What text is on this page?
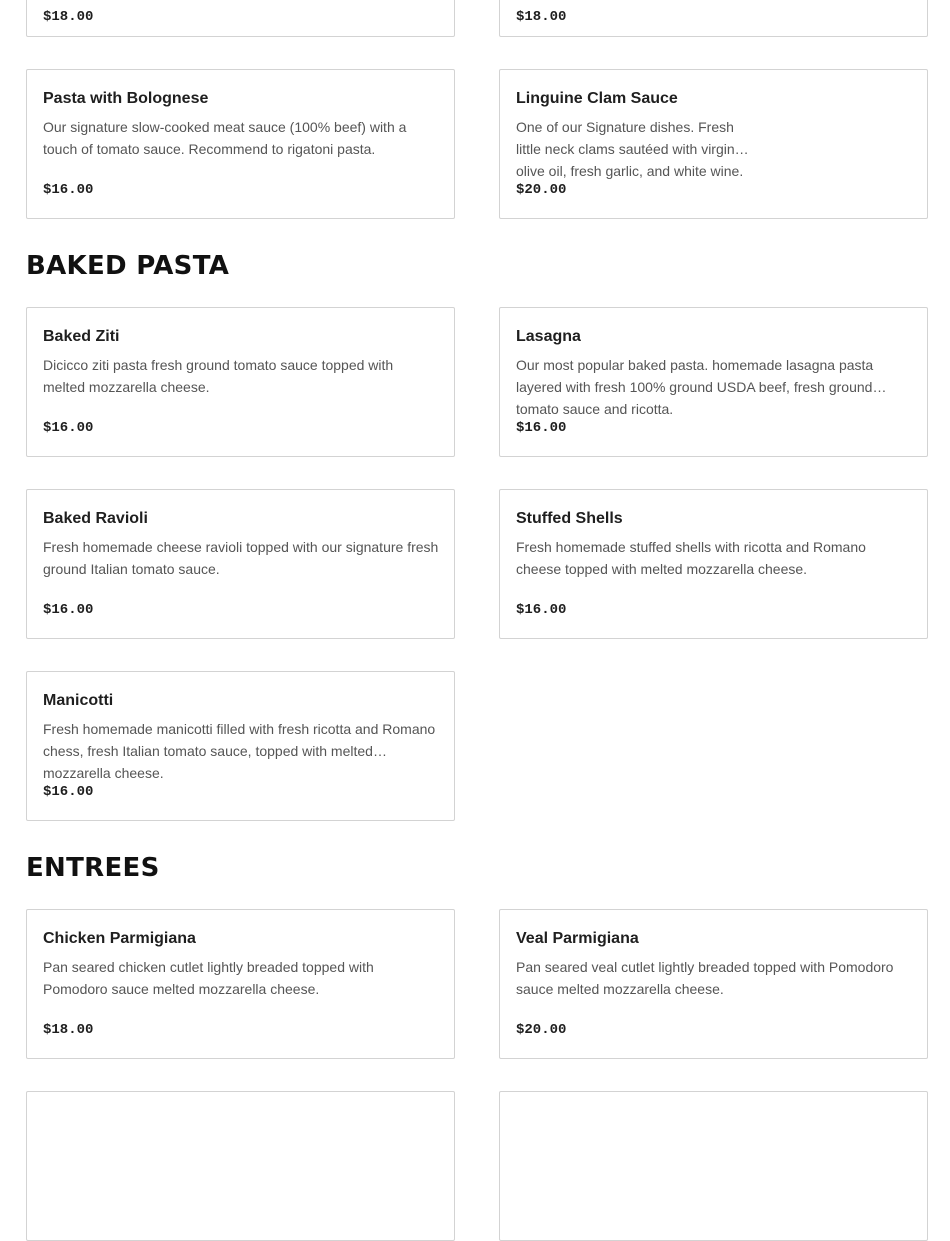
$18.00	$18.00
Pasta with Bolognese
Our signature slow-cooked meat sauce (100% beef) with a touch of tomato sauce. Recommend to rigatoni pasta.
$16.00
Linguine Clam Sauce
One of our Signature dishes. Fresh little neck clams sautéed with virgin olive oil, fresh garlic, and white wine.
$20.00
BAKED PASTA
Baked Ziti
Dicicco ziti pasta fresh ground tomato sauce topped with melted mozzarella cheese.
$16.00
Lasagna
Our most popular baked pasta. homemade lasagna pasta layered with fresh 100% ground USDA beef, fresh ground tomato sauce and ricotta.
$16.00
Baked Ravioli
Fresh homemade cheese ravioli topped with our signature fresh ground Italian tomato sauce.
$16.00
Stuffed Shells
Fresh homemade stuffed shells with ricotta and Romano cheese topped with melted mozzarella cheese.
$16.00
Manicotti
Fresh homemade manicotti filled with fresh ricotta and Romano chess, fresh Italian tomato sauce, topped with melted mozzarella cheese.
$16.00
ENTREES
Chicken Parmigiana
Pan seared chicken cutlet lightly breaded topped with Pomodoro sauce melted mozzarella cheese.
$18.00
Veal Parmigiana
Pan seared veal cutlet lightly breaded topped with Pomodoro sauce melted mozzarella cheese.
$20.00
